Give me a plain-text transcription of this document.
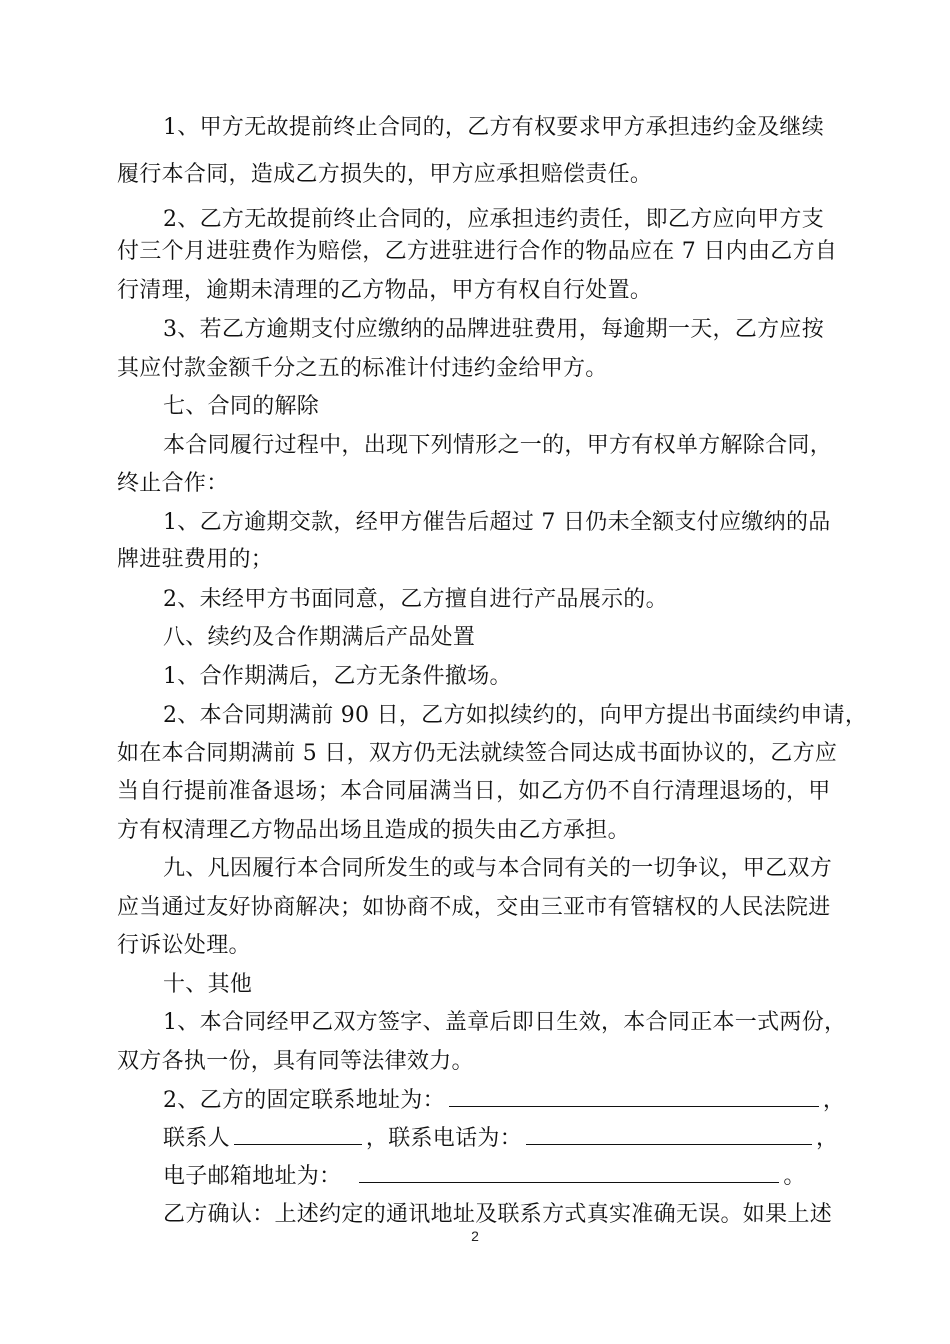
1、甲方无故提前终止合同的，乙方有权要求甲方承担违约金及继续
履行本合同，造成乙方损失的，甲方应承担赔偿责任。
2、乙方无故提前终止合同的，应承担违约责任，即乙方应向甲方支
付三个月进驻费作为赔偿，乙方进驻进行合作的物品应在 7 日内由乙方自
行清理，逾期未清理的乙方物品，甲方有权自行处置。
3、若乙方逾期支付应缴纳的品牌进驻费用，每逾期一天，乙方应按
其应付款金额千分之五的标准计付违约金给甲方。
七、合同的解除
本合同履行过程中，出现下列情形之一的，甲方有权单方解除合同，
终止合作：
1、乙方逾期交款，经甲方催告后超过 7 日仍未全额支付应缴纳的品
牌进驻费用的；
2、未经甲方书面同意，乙方擅自进行产品展示的。
八、续约及合作期满后产品处置
1、合作期满后，乙方无条件撤场。
2、本合同期满前 90 日，乙方如拟续约的，向甲方提出书面续约申请，
如在本合同期满前 5 日，双方仍无法就续签合同达成书面协议的，乙方应
当自行提前准备退场；本合同届满当日，如乙方仍不自行清理退场的，甲
方有权清理乙方物品出场且造成的损失由乙方承担。
九、凡因履行本合同所发生的或与本合同有关的一切争议，甲乙双方
应当通过友好协商解决；如协商不成，交由三亚市有管辖权的人民法院进
行诉讼处理。
十、其他
1、本合同经甲乙双方签字、盖章后即日生效，本合同正本一式两份，
双方各执一份，具有同等法律效力。
2、乙方的固定联系地址为：	，
联系人	，联系电话为：	，
电子邮箱地址为：	。
乙方确认：上述约定的通讯地址及联系方式真实准确无误。如果上述
2
